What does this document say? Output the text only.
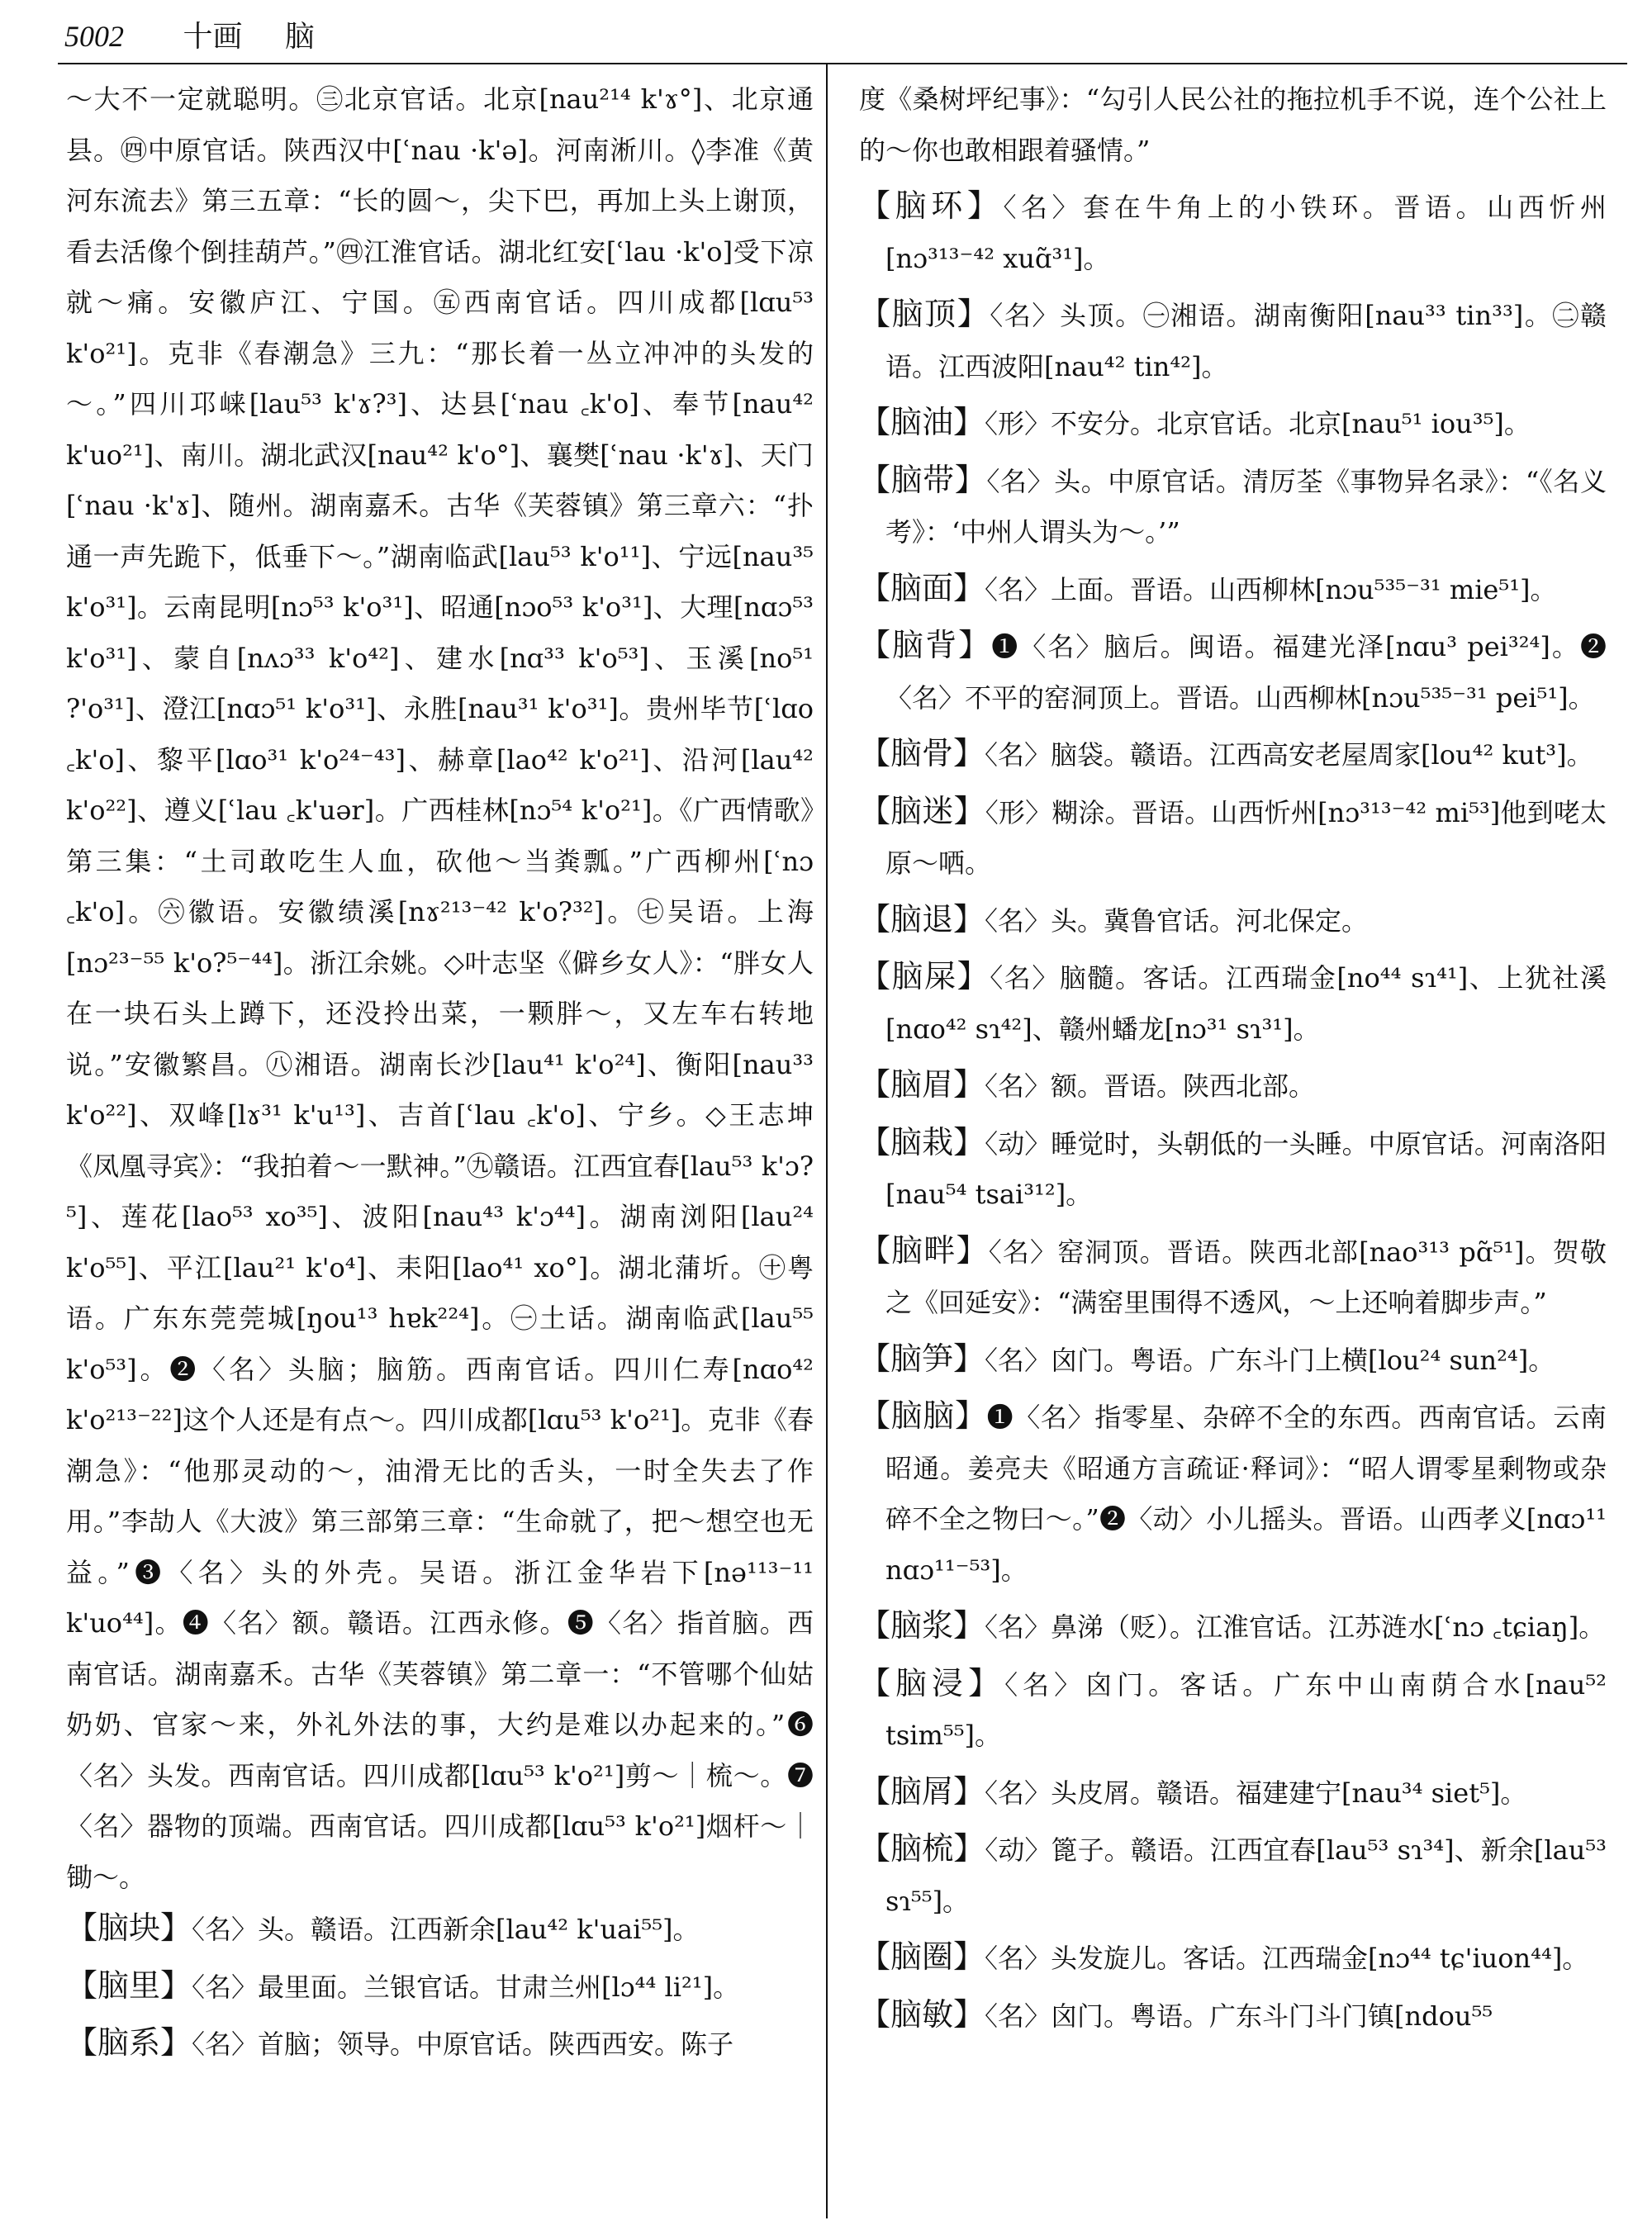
5002 十画 脑

～大不一定就聪明。㊂北京官话。北京[nau²¹⁴ k'ɤ°]、北京通县。㊃中原官话。陕西汉中[ʿnau ·k'ə]。河南淅川。◊李准《黄河东流去》第三五章：“长的圆～，尖下巴，再加上头上谢顶，看去活像个倒挂葫芦。”㊃江淮官话。湖北红安[ʿlau ·k'o]受下凉就～痛。安徽庐江、宁国。㊄西南官话。四川成都[lɑu⁵³ k'o²¹]。克非《春潮急》三九：“那长着一丛立冲冲的头发的～。”四川邛崃[lau⁵³ k'ɤ?³]、达县[ʿnau ꜀k'o]、奉节[nau⁴² k'uo²¹]、南川。湖北武汉[nau⁴² k'o°]、襄樊[ʿnau ·k'ɤ]、天门[ʿnau ·k'ɤ]、随州。湖南嘉禾。古华《芙蓉镇》第三章六：“扑通一声先跪下，低垂下～。”湖南临武[lau⁵³ k'o¹¹]、宁远[nau³⁵ k'o³¹]。云南昆明[nɔ⁵³ k'o³¹]、昭通[nɔo⁵³ k'o³¹]、大理[nɑɔ⁵³ k'o³¹]、蒙自[nʌɔ³³ k'o⁴²]、建水[nɑ³³ k'o⁵³]、玉溪[no⁵¹ ?'o³¹]、澄江[nɑɔ⁵¹ k'o³¹]、永胜[nau³¹ k'o³¹]。贵州毕节[ʿlɑo ꜀k'o]、黎平[lɑo³¹ k'o²⁴⁻⁴³]、赫章[lao⁴² k'o²¹]、沿河[lau⁴² k'o²²]、遵义[ʿlau ꜀k'uər]。广西桂林[nɔ⁵⁴ k'o²¹]。《广西情歌》第三集：“土司敢吃生人血，砍他～当粪瓢。”广西柳州[ʿnɔ ꜀k'o]。㊅徽语。安徽绩溪[nɤ²¹³⁻⁴² k'o?³²]。㊆吴语。上海[nɔ²³⁻⁵⁵ k'o?⁵⁻⁴⁴]。浙江余姚。◇叶志坚《僻乡女人》：“胖女人在一块石头上蹲下，还没拎出菜，一颗胖～，又左车右转地说。”安徽繁昌。㊇湘语。湖南长沙[lau⁴¹ k'o²⁴]、衡阳[nau³³ k'o²²]、双峰[lɤ³¹ k'u¹³]、吉首[ʿlau ꜀k'o]、宁乡。◇王志坤《凤凰寻宾》：“我拍着～一默神。”㊈赣语。江西宜春[lau⁵³ k'ɔ?⁵]、莲花[lao⁵³ xo³⁵]、波阳[nau⁴³ k'ɔ⁴⁴]。湖南浏阳[lau²⁴ k'o⁵⁵]、平江[lau²¹ k'o⁴]、耒阳[lao⁴¹ xo°]。湖北蒲圻。㊉粤语。广东东莞莞城[ŋou¹³ hɐk²²⁴]。㊀土话。湖南临武[lau⁵⁵ k'o⁵³]。❷〈名〉头脑；脑筋。西南官话。四川仁寿[nɑo⁴² k'o²¹³⁻²²]这个人还是有点～。四川成都[lɑu⁵³ k'o²¹]。克非《春潮急》：“他那灵动的～，油滑无比的舌头，一时全失去了作用。”李劼人《大波》第三部第三章：“生命就了，把～想空也无益。”❸〈名〉头的外壳。吴语。浙江金华岩下[nə¹¹³⁻¹¹ k'uo⁴⁴]。❹〈名〉额。赣语。江西永修。❺〈名〉指首脑。西南官话。湖南嘉禾。古华《芙蓉镇》第二章一：“不管哪个仙姑奶奶、官家～来，外礼外法的事，大约是难以办起来的。”❻〈名〉头发。西南官话。四川成都[lɑu⁵³ k'o²¹]剪～｜梳～。❼〈名〉器物的顶端。西南官话。四川成都[lɑu⁵³ k'o²¹]烟杆～｜锄～。

【脑块】〈名〉头。赣语。江西新余[lau⁴² k'uai⁵⁵]。

【脑里】〈名〉最里面。兰银官话。甘肃兰州[lɔ⁴⁴ li²¹]。

【脑系】〈名〉首脑；领导。中原官话。陕西西安。陈子

度《桑树坪纪事》：“勾引人民公社的拖拉机手不说，连个公社上的～你也敢相跟着骚情。”

【脑环】〈名〉套在牛角上的小铁环。晋语。山西忻州[nɔ³¹³⁻⁴² xuɑ̃³¹]。

【脑顶】〈名〉头顶。㊀湘语。湖南衡阳[nau³³ tin³³]。㊁赣语。江西波阳[nau⁴² tin⁴²]。

【脑油】〈形〉不安分。北京官话。北京[nau⁵¹ iou³⁵]。

【脑带】〈名〉头。中原官话。清厉荃《事物异名录》：“《名义考》：‘中州人谓头为～。’”

【脑面】〈名〉上面。晋语。山西柳林[nɔu⁵³⁵⁻³¹ mie⁵¹]。

【脑背】❶〈名〉脑后。闽语。福建光泽[nɑu³ pei³²⁴]。❷〈名〉不平的窑洞顶上。晋语。山西柳林[nɔu⁵³⁵⁻³¹ pei⁵¹]。

【脑骨】〈名〉脑袋。赣语。江西高安老屋周家[lou⁴² kut³]。

【脑迷】〈形〉糊涂。晋语。山西忻州[nɔ³¹³⁻⁴² mi⁵³]他到咾太原～哂。

【脑退】〈名〉头。冀鲁官话。河北保定。

【脑屎】〈名〉脑髓。客话。江西瑞金[no⁴⁴ sɿ⁴¹]、上犹社溪[nɑo⁴² sɿ⁴²]、赣州蟠龙[nɔ³¹ sɿ³¹]。

【脑眉】〈名〉额。晋语。陕西北部。

【脑栽】〈动〉睡觉时，头朝低的一头睡。中原官话。河南洛阳[nau⁵⁴ tsai³¹²]。

【脑畔】〈名〉窑洞顶。晋语。陕西北部[nao³¹³ pɑ̃⁵¹]。贺敬之《回延安》：“满窑里围得不透风，～上还响着脚步声。”

【脑笋】〈名〉囟门。粤语。广东斗门上横[lou²⁴ sun²⁴]。

【脑脑】❶〈名〉指零星、杂碎不全的东西。西南官话。云南昭通。姜亮夫《昭通方言疏证·释词》：“昭人谓零星剩物或杂碎不全之物曰～。”❷〈动〉小儿摇头。晋语。山西孝义[nɑɔ¹¹ nɑɔ¹¹⁻⁵³]。

【脑浆】〈名〉鼻涕（贬）。江淮官话。江苏涟水[ʿnɔ ꜀tɕiaŋ]。

【脑浸】〈名〉囟门。客话。广东中山南荫合水[nau⁵² tsim⁵⁵]。

【脑屑】〈名〉头皮屑。赣语。福建建宁[nau³⁴ siet⁵]。

【脑梳】〈动〉篦子。赣语。江西宜春[lau⁵³ sɿ³⁴]、新余[lau⁵³ sɿ⁵⁵]。

【脑圈】〈名〉头发旋儿。客话。江西瑞金[nɔ⁴⁴ tɕ'iuon⁴⁴]。

【脑敏】〈名〉囟门。粤语。广东斗门斗门镇[ndou⁵⁵
